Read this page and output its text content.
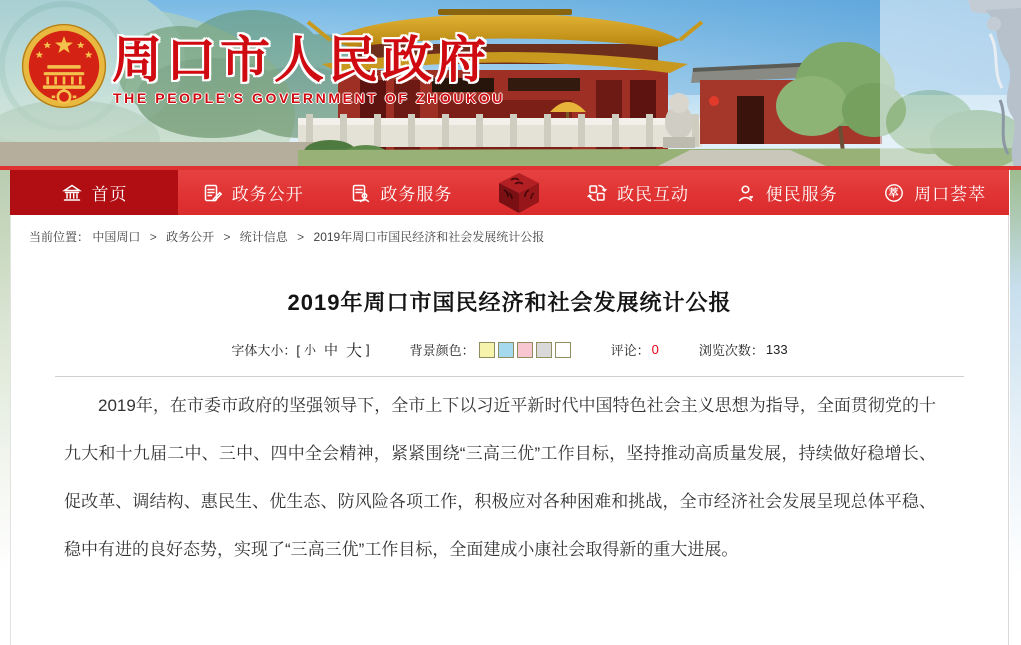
周口市人民政府
THE PEOPLE'S GOVERNMENT OF ZHOUKOU
首页	政务公开	政务服务	政民互动	便民服务	萃 周口荟萃
当前位置： 中国周口 > 政务公开 > 统计信息 > 2019年周口市国民经济和社会发展统计公报
2019年周口市国民经济和社会发展统计公报
字体大小：[ 小 中 大 ]	背景颜色：	评论： 0	浏览次数： 133

2019年，在市委市政府的坚强领导下，全市上下以习近平新时代中国特色社会主义思想为指导，全面贯彻党的十九大和十九届二中、三中、四中全会精神，紧紧围绕“三高三优”工作目标，坚持推动高质量发展，持续做好稳增长、促改革、调结构、惠民生、优生态、防风险各项工作，积极应对各种困难和挑战，全市经济社会发展呈现总体平稳、稳中有进的良好态势，实现了“三高三优”工作目标，全面建成小康社会取得新的重大进展。
